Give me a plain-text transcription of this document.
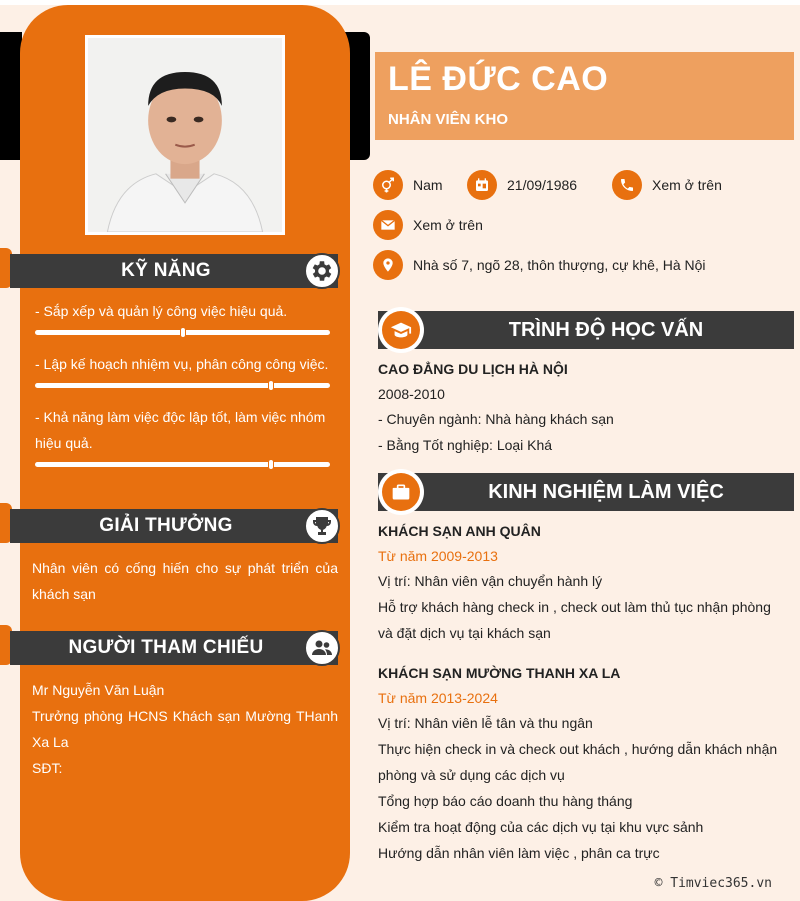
KỸ NĂNG
- Sắp xếp và quản lý công việc hiệu quả.
- Lập kế hoạch nhiệm vụ, phân công công việc.
- Khả năng làm việc độc lập tốt, làm việc nhóm hiệu quả.
GIẢI THƯỞNG
Nhân viên có cống hiến cho sự phát triển của khách sạn
NGƯỜI THAM CHIẾU
Mr Nguyễn Văn Luận
Trưởng phòng HCNS Khách sạn Mường THanh Xa La
SĐT:
LÊ ĐỨC CAO
NHÂN VIÊN KHO
Nam	21/09/1986	Xem ở trên
Xem ở trên
Nhà số 7, ngõ 28, thôn thượng, cự khê, Hà Nội
TRÌNH ĐỘ HỌC VẤN
CAO ĐẲNG DU LỊCH HÀ NỘI
2008-2010
- Chuyên ngành: Nhà hàng khách sạn
- Bằng Tốt nghiệp: Loại Khá
KINH NGHIỆM LÀM VIỆC
KHÁCH SẠN ANH QUÂN
Từ năm 2009-2013
Vị trí: Nhân viên vận chuyển hành lý
Hỗ trợ khách hàng check in , check out làm thủ tục nhận phòng và đặt dịch vụ tại khách sạn
KHÁCH SẠN MƯỜNG THANH XA LA
Từ năm 2013-2024
Vị trí: Nhân viên lễ tân và thu ngân
Thực hiện check in và check out khách , hướng dẫn khách nhận phòng và sử dụng các dịch vụ
Tổng hợp báo cáo doanh thu hàng tháng
Kiểm tra hoạt động của các dịch vụ tại khu vực sảnh
Hướng dẫn nhân viên làm việc , phân ca trực
© Timviec365.vn
